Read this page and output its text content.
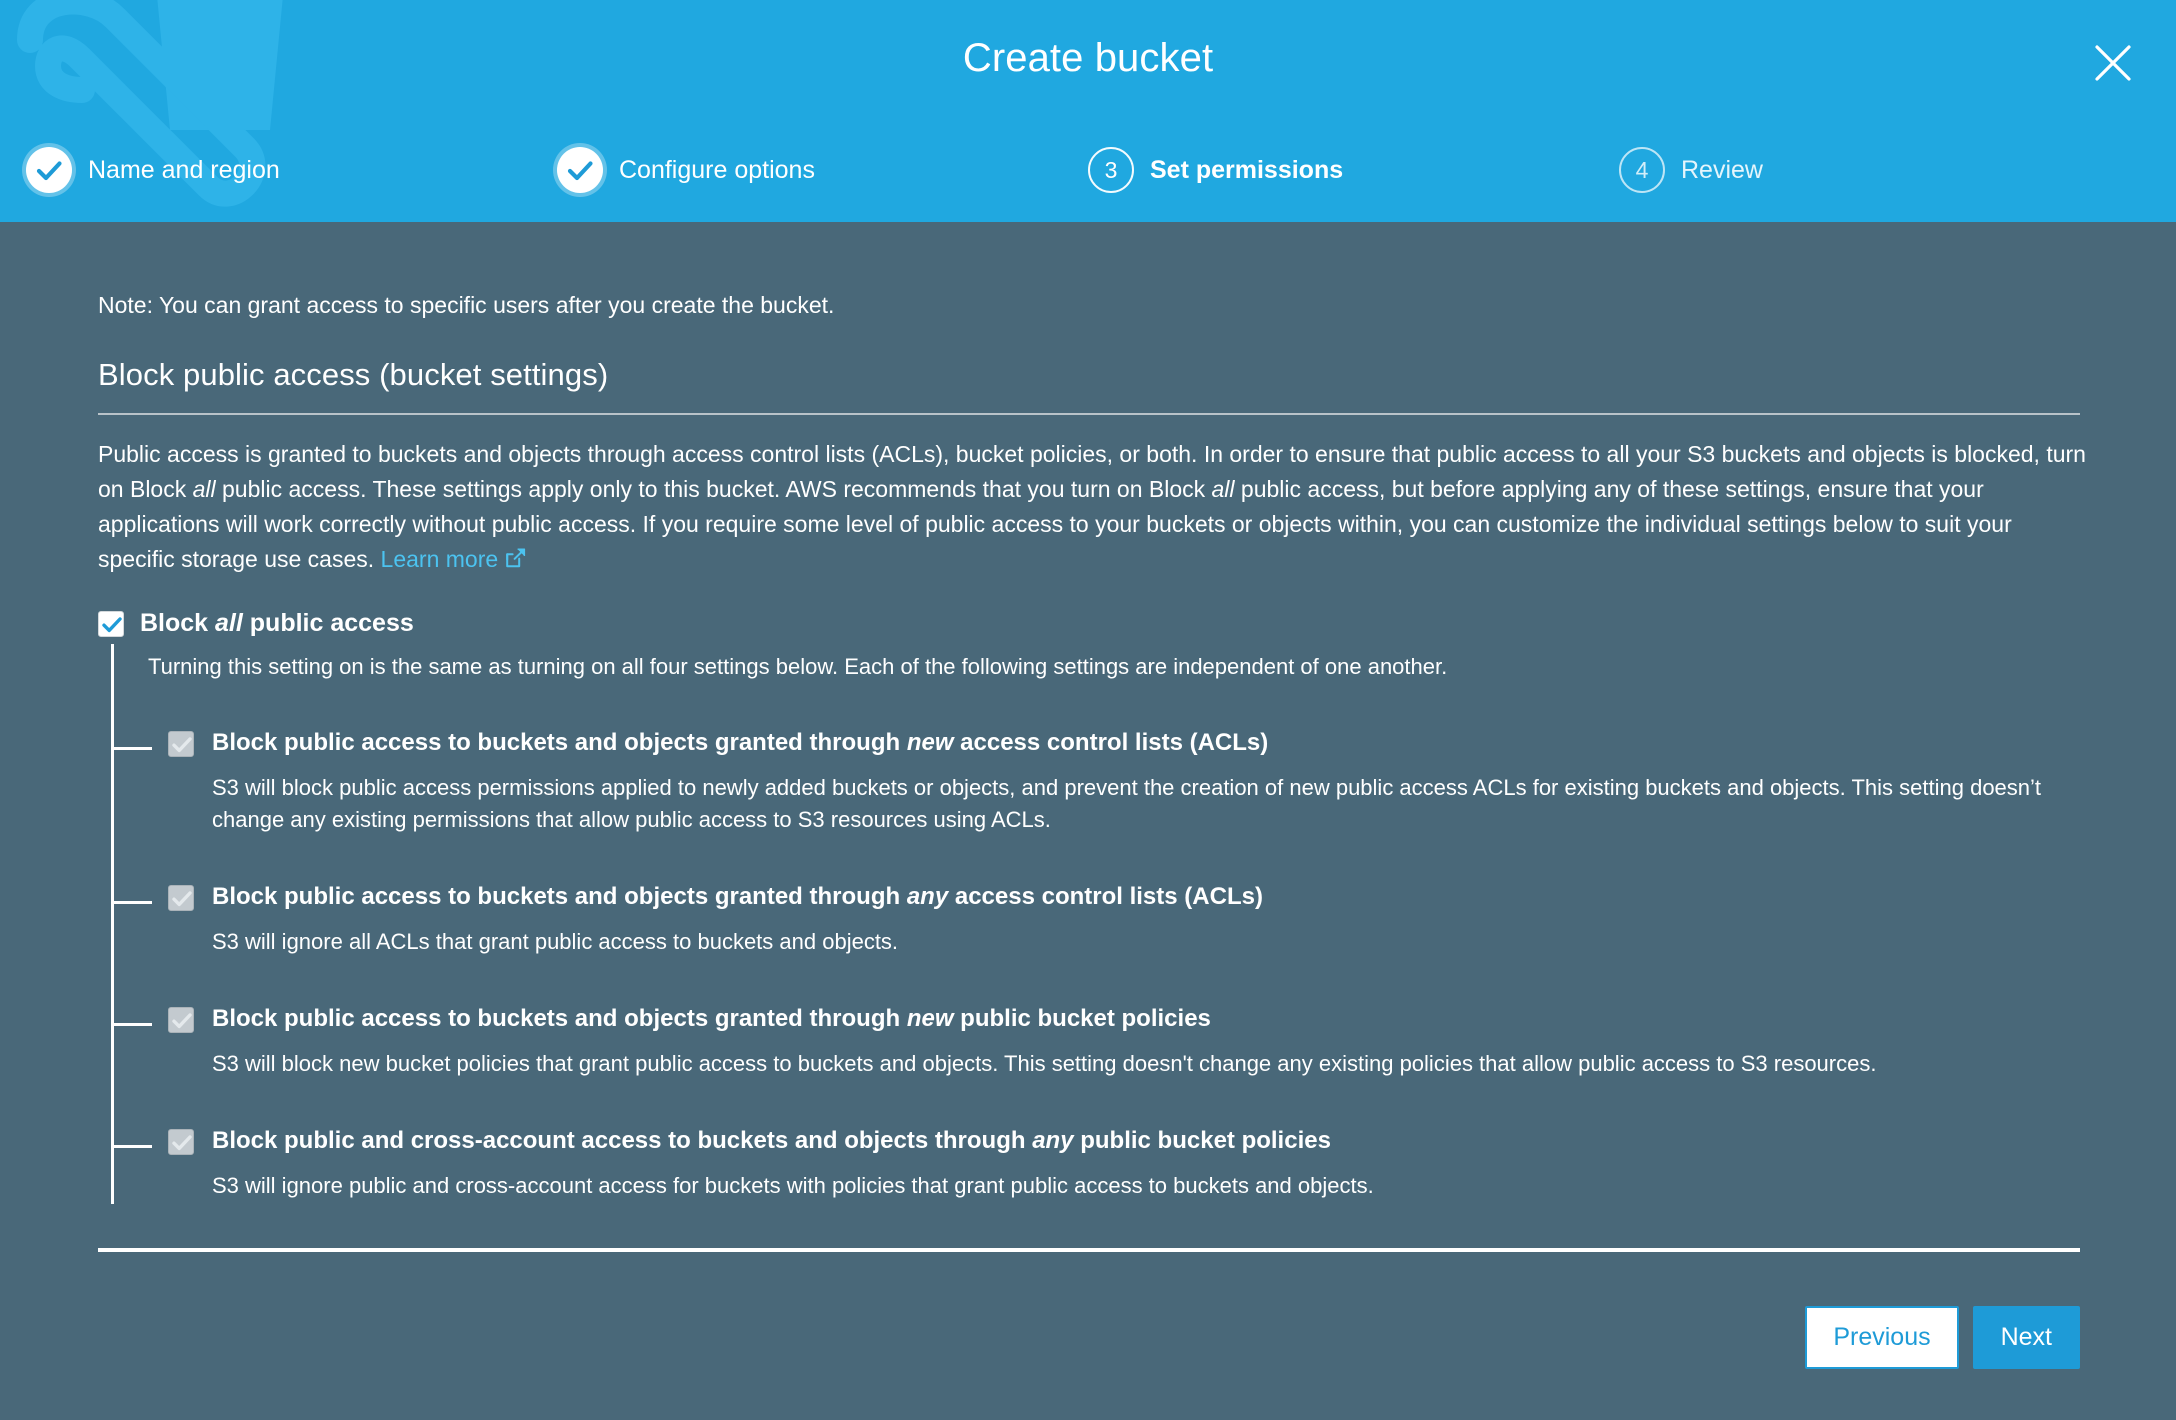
Create bucket
Name and region	Configure options	3 Set permissions	4 Review
Note: You can grant access to specific users after you create the bucket.
Block public access (bucket settings)

Public access is granted to buckets and objects through access control lists (ACLs), bucket policies, or both. In order to ensure that public access to all your S3 buckets and objects is blocked, turn on Block all public access. These settings apply only to this bucket. AWS recommends that you turn on Block all public access, but before applying any of these settings, ensure that your applications will work correctly without public access. If you require some level of public access to your buckets or objects within, you can customize the individual settings below to suit your specific storage use cases. Learn more

Block all public access
Turning this setting on is the same as turning on all four settings below. Each of the following settings are independent of one another.
Block public access to buckets and objects granted through new access control lists (ACLs)
S3 will block public access permissions applied to newly added buckets or objects, and prevent the creation of new public access ACLs for existing buckets and objects. This setting doesn’t change any existing permissions that allow public access to S3 resources using ACLs.
Block public access to buckets and objects granted through any access control lists (ACLs)
S3 will ignore all ACLs that grant public access to buckets and objects.
Block public access to buckets and objects granted through new public bucket policies
S3 will block new bucket policies that grant public access to buckets and objects. This setting doesn't change any existing policies that allow public access to S3 resources.
Block public and cross-account access to buckets and objects through any public bucket policies
S3 will ignore public and cross-account access for buckets with policies that grant public access to buckets and objects.
Previous	Next
